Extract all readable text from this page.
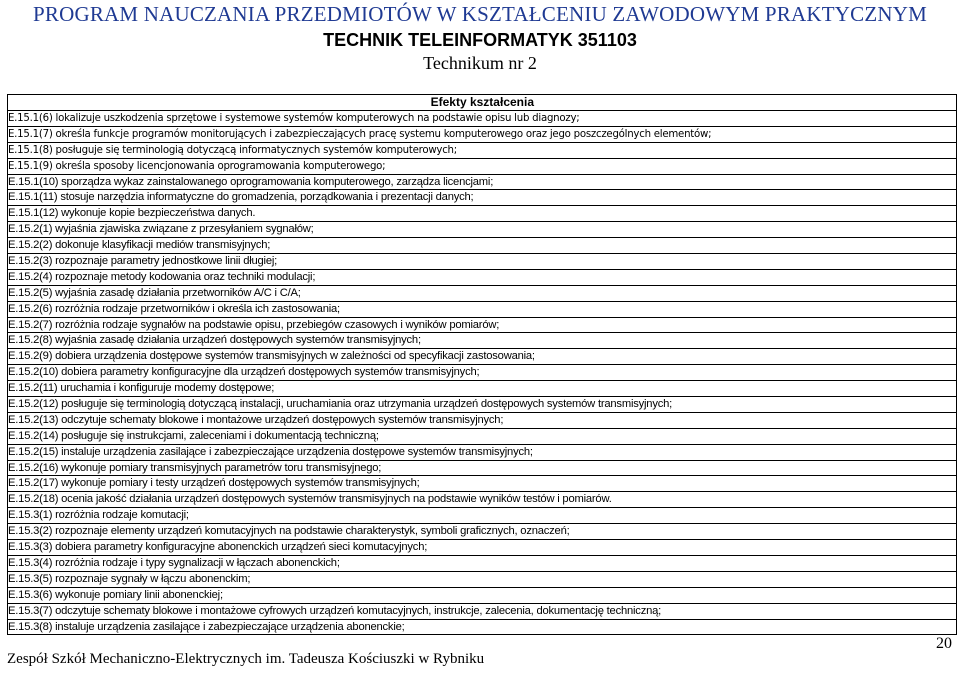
PROGRAM NAUCZANIA PRZEDMIOTÓW W KSZTAŁCENIU ZAWODOWYM PRAKTYCZNYM
TECHNIK TELEINFORMATYK 351103
Technikum nr 2
Efekty kształcenia
E.15.1(6) lokalizuje uszkodzenia sprzętowe i systemowe systemów komputerowych na podstawie opisu lub diagnozy;
E.15.1(7) określa funkcje programów monitorujących i zabezpieczających pracę systemu komputerowego oraz jego poszczególnych elementów;
E.15.1(8) posługuje się terminologią dotyczącą informatycznych systemów komputerowych;
E.15.1(9) określa sposoby licencjonowania oprogramowania komputerowego;
E.15.1(10) sporządza wykaz zainstalowanego oprogramowania komputerowego, zarządza licencjami;
E.15.1(11) stosuje narzędzia informatyczne do gromadzenia, porządkowania i prezentacji danych;
E.15.1(12) wykonuje kopie bezpieczeństwa danych.
E.15.2(1) wyjaśnia zjawiska związane z przesyłaniem sygnałów;
E.15.2(2) dokonuje klasyfikacji mediów transmisyjnych;
E.15.2(3) rozpoznaje parametry jednostkowe linii długiej;
E.15.2(4) rozpoznaje metody kodowania oraz techniki modulacji;
E.15.2(5) wyjaśnia zasadę działania przetworników A/C i C/A;
E.15.2(6) rozróżnia rodzaje przetworników i określa ich zastosowania;
E.15.2(7) rozróżnia rodzaje sygnałów na podstawie opisu, przebiegów czasowych i wyników pomiarów;
E.15.2(8) wyjaśnia zasadę działania urządzeń dostępowych systemów transmisyjnych;
E.15.2(9) dobiera urządzenia dostępowe systemów transmisyjnych w zależności od specyfikacji zastosowania;
E.15.2(10) dobiera parametry konfiguracyjne dla urządzeń dostępowych systemów transmisyjnych;
E.15.2(11) uruchamia i konfiguruje modemy dostępowe;
E.15.2(12) posługuje się terminologią dotyczącą instalacji, uruchamiania oraz utrzymania urządzeń dostępowych systemów transmisyjnych;
E.15.2(13) odczytuje schematy blokowe i montażowe urządzeń dostępowych systemów transmisyjnych;
E.15.2(14) posługuje się instrukcjami, zaleceniami i dokumentacją techniczną;
E.15.2(15) instaluje urządzenia zasilające i zabezpieczające urządzenia dostępowe systemów transmisyjnych;
E.15.2(16) wykonuje pomiary transmisyjnych parametrów toru transmisyjnego;
E.15.2(17) wykonuje pomiary i testy urządzeń dostępowych systemów transmisyjnych;
E.15.2(18) ocenia jakość działania urządzeń dostępowych systemów transmisyjnych na podstawie wyników testów i pomiarów.
E.15.3(1) rozróżnia rodzaje komutacji;
E.15.3(2) rozpoznaje elementy urządzeń komutacyjnych na podstawie charakterystyk, symboli graficznych, oznaczeń;
E.15.3(3) dobiera parametry konfiguracyjne abonenckich urządzeń sieci komutacyjnych;
E.15.3(4) rozróżnia rodzaje i typy sygnalizacji w łączach abonenckich;
E.15.3(5) rozpoznaje sygnały w łączu abonenckim;
E.15.3(6) wykonuje pomiary linii abonenckiej;
E.15.3(7) odczytuje schematy blokowe i montażowe cyfrowych urządzeń komutacyjnych, instrukcje, zalecenia, dokumentację techniczną;
E.15.3(8) instaluje urządzenia zasilające i zabezpieczające urządzenia abonenckie;
20
Zespół Szkół Mechaniczno-Elektrycznych im. Tadeusza Kościuszki w Rybniku
